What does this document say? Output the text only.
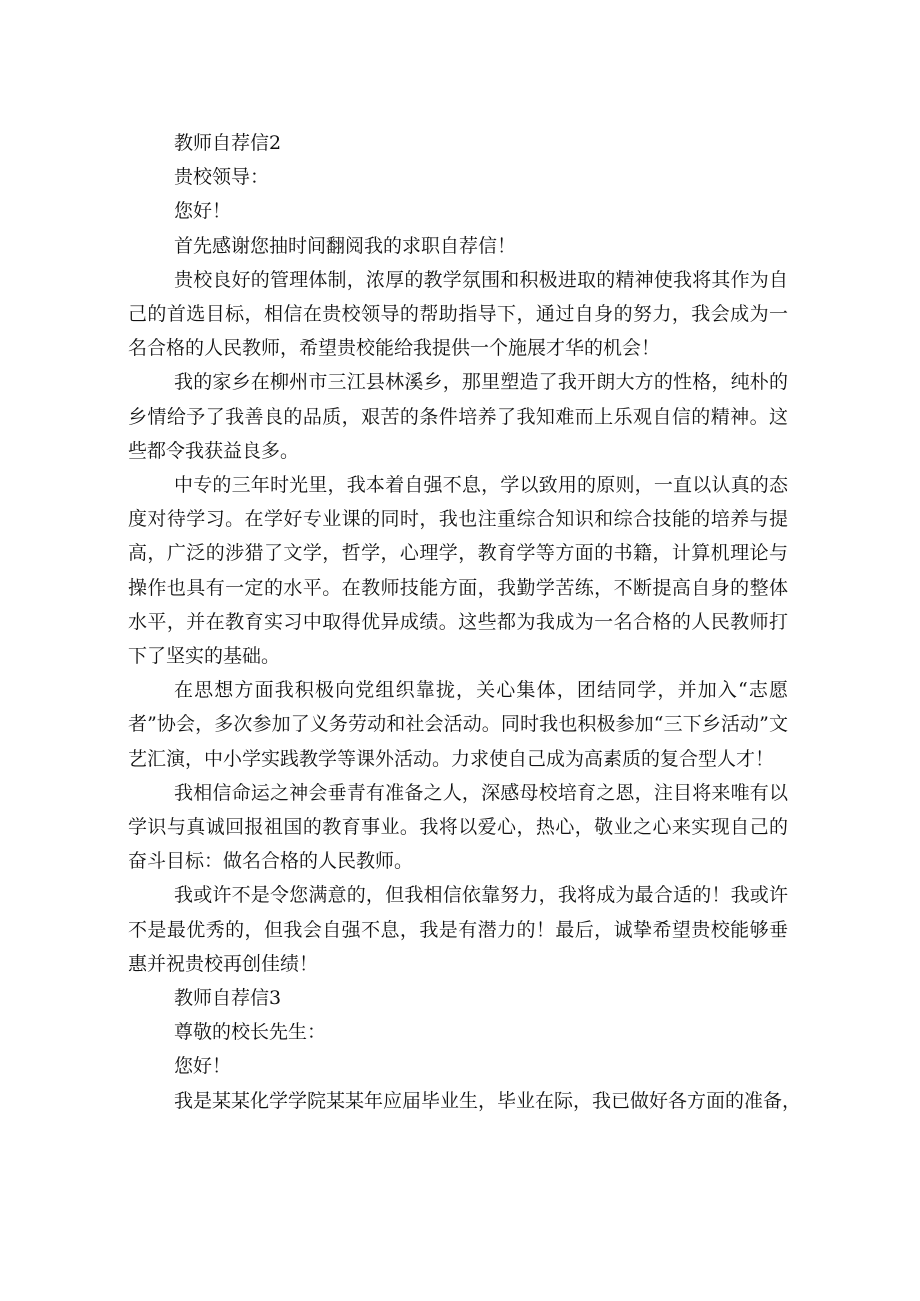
教师自荐信2

贵校领导：

您好！

首先感谢您抽时间翻阅我的求职自荐信！

贵校良好的管理体制，浓厚的教学氛围和积极进取的精神使我将其作为自己的首选目标，相信在贵校领导的帮助指导下，通过自身的努力，我会成为一名合格的人民教师，希望贵校能给我提供一个施展才华的机会！

我的家乡在柳州市三江县林溪乡，那里塑造了我开朗大方的性格，纯朴的乡情给予了我善良的品质，艰苦的条件培养了我知难而上乐观自信的精神。这些都令我获益良多。

中专的三年时光里，我本着自强不息，学以致用的原则，一直以认真的态度对待学习。在学好专业课的同时，我也注重综合知识和综合技能的培养与提高，广泛的涉猎了文学，哲学，心理学，教育学等方面的书籍，计算机理论与操作也具有一定的水平。在教师技能方面，我勤学苦练，不断提高自身的整体水平，并在教育实习中取得优异成绩。这些都为我成为一名合格的人民教师打下了坚实的基础。

在思想方面我积极向党组织靠拢，关心集体，团结同学，并加入“志愿者”协会，多次参加了义务劳动和社会活动。同时我也积极参加“三下乡活动”文艺汇演，中小学实践教学等课外活动。力求使自己成为高素质的复合型人才！

我相信命运之神会垂青有准备之人，深感母校培育之恩，注目将来唯有以学识与真诚回报祖国的教育事业。我将以爱心，热心，敬业之心来实现自己的奋斗目标：做名合格的人民教师。

我或许不是令您满意的，但我相信依靠努力，我将成为最合适的！我或许不是最优秀的，但我会自强不息，我是有潜力的！最后，诚挚希望贵校能够垂惠并祝贵校再创佳绩！

教师自荐信3

尊敬的校长先生：

您好！

我是某某化学学院某某年应届毕业生，毕业在际，我已做好各方面的准备，
